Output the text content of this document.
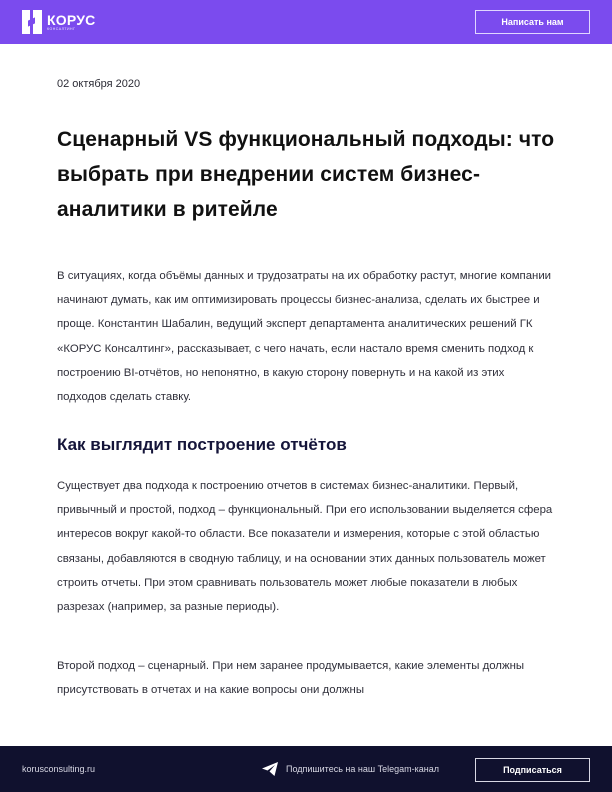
КОРУС
КОНСАЛТИНГ
Написать нам
02 октября 2020
Сценарный VS функциональный подходы: что выбрать при внедрении систем бизнес-аналитики в ритейле

В ситуациях, когда объёмы данных и трудозатраты на их обработку растут, многие компании начинают думать, как им оптимизировать процессы бизнес-анализа, сделать их быстрее и проще. Константин Шабалин, ведущий эксперт департамента аналитических решений ГК «КОРУС Консалтинг», рассказывает, с чего начать, если настало время сменить подход к построению BI-отчётов, но непонятно, в какую сторону повернуть и на какой из этих подходов сделать ставку.

Как выглядит построение отчётов

Существует два подхода к построению отчетов в системах бизнес-аналитики. Первый, привычный и простой, подход – функциональный. При его использовании выделяется сфера интересов вокруг какой-то области. Все показатели и измерения, которые с этой областью связаны, добавляются в сводную таблицу, и на основании этих данных пользователь может строить отчеты. При этом сравнивать пользователь может любые показатели в любых разрезах (например, за разные периоды).

Второй подход – сценарный. При нем заранее продумывается, какие элементы должны присутствовать в отчетах и на какие вопросы они должны

korusconsulting.ru	Подпишитесь на наш Telegam-канал	Подписаться
